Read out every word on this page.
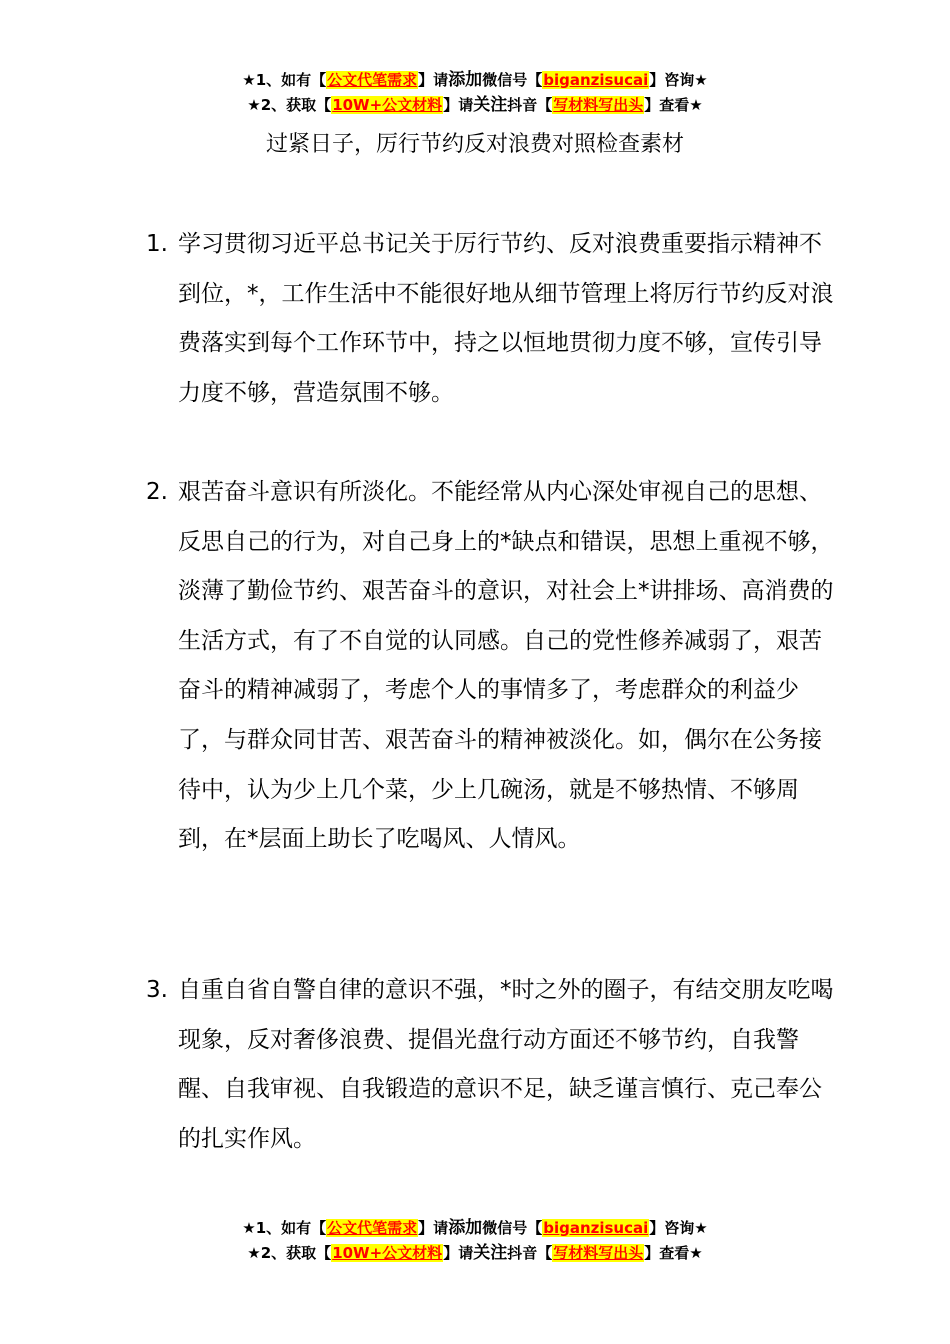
★1、如有【公文代笔需求】请添加微信号【biganzisucai】咨询★
★2、获取【10W+公文材料】请关注抖音【写材料写出头】查看★
过紧日子，厉行节约反对浪费对照检查素材
1. 学习贯彻习近平总书记关于厉行节约、反对浪费重要指示精神不到位，*，工作生活中不能很好地从细节管理上将厉行节约反对浪费落实到每个工作环节中，持之以恒地贯彻力度不够，宣传引导力度不够，营造氛围不够。
2. 艰苦奋斗意识有所淡化。不能经常从内心深处审视自己的思想、反思自己的行为，对自己身上的*缺点和错误，思想上重视不够，淡薄了勤俭节约、艰苦奋斗的意识，对社会上*讲排场、高消费的生活方式，有了不自觉的认同感。自己的党性修养减弱了，艰苦奋斗的精神减弱了，考虑个人的事情多了，考虑群众的利益少了，与群众同甘苦、艰苦奋斗的精神被淡化。如，偶尔在公务接待中，认为少上几个菜，少上几碗汤，就是不够热情、不够周到，在*层面上助长了吃喝风、人情风。
3. 自重自省自警自律的意识不强，*时之外的圈子，有结交朋友吃喝现象，反对奢侈浪费、提倡光盘行动方面还不够节约，自我警醒、自我审视、自我锻造的意识不足，缺乏谨言慎行、克己奉公的扎实作风。
★1、如有【公文代笔需求】请添加微信号【biganzisucai】咨询★
★2、获取【10W+公文材料】请关注抖音【写材料写出头】查看★
